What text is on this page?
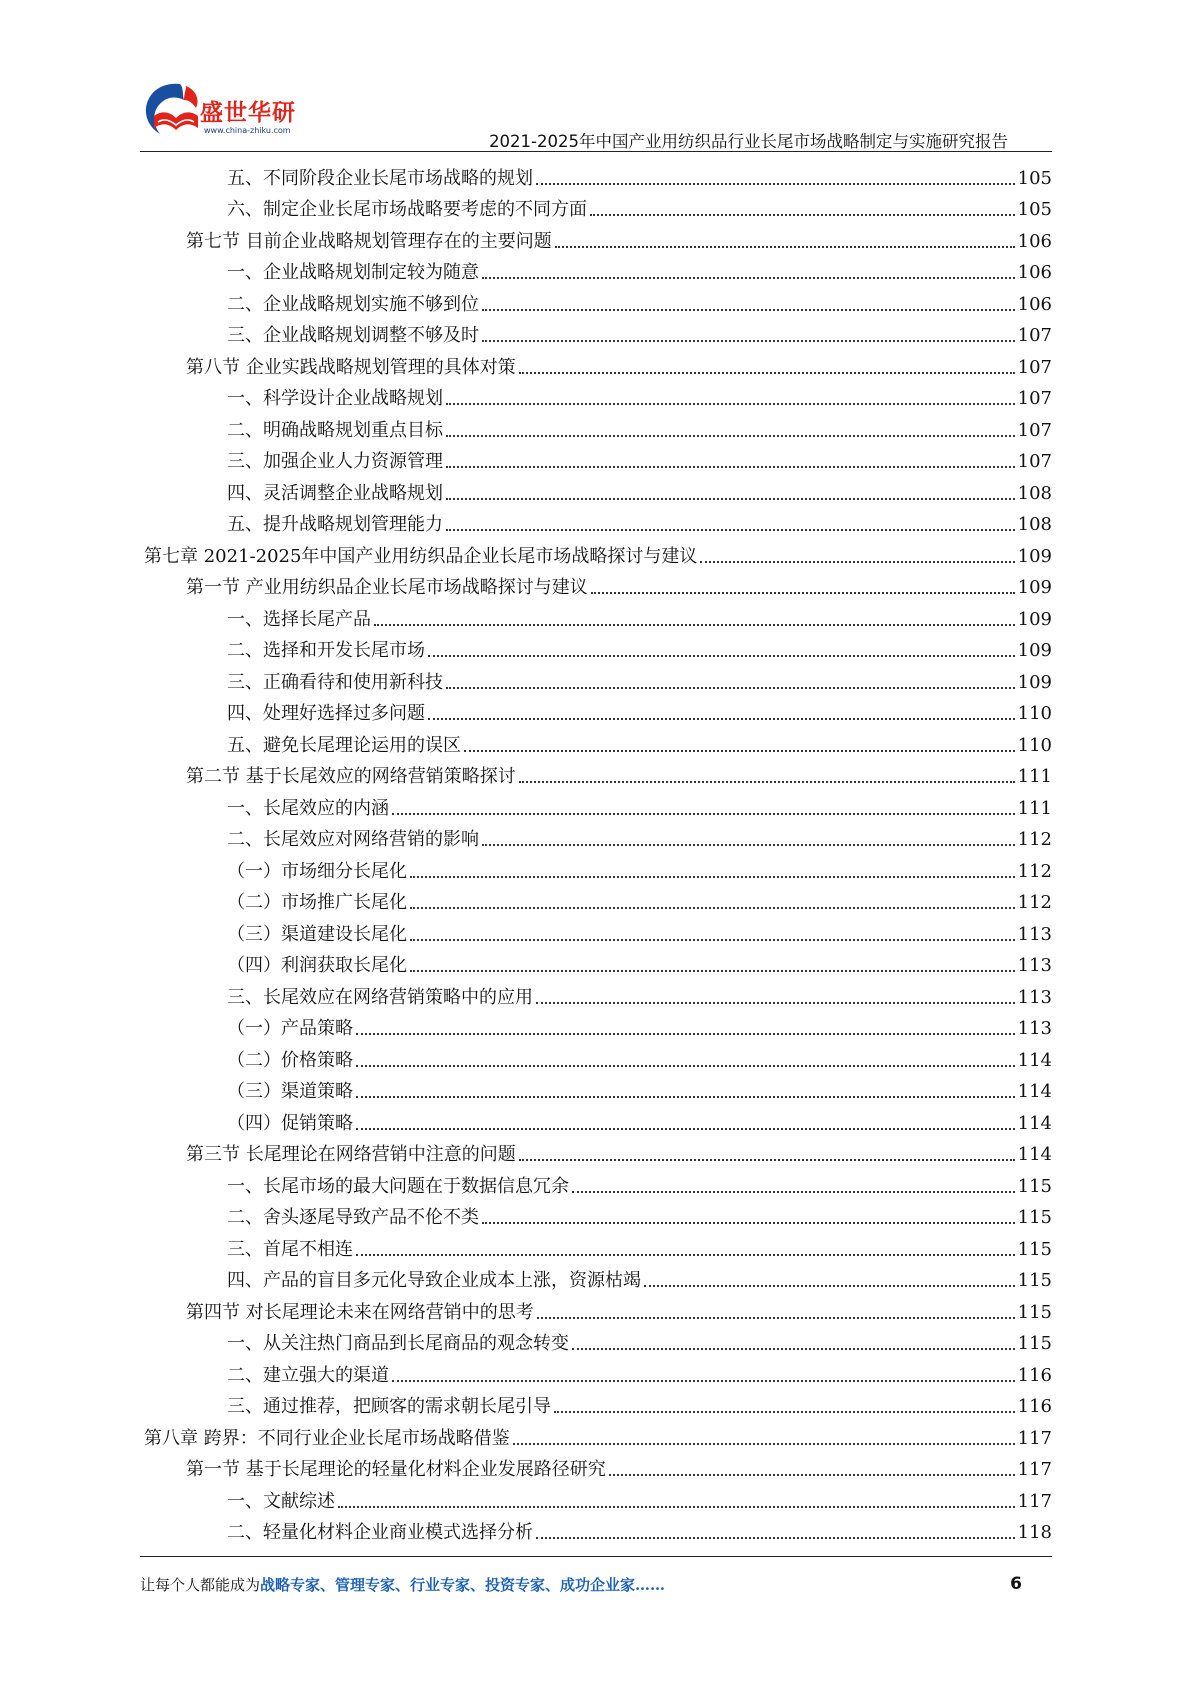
盛世华研
www.china-zhiku.com
2021-2025年中国产业用纺织品行业长尾市场战略制定与实施研究报告
五、不同阶段企业长尾市场战略的规划	105
六、制定企业长尾市场战略要考虑的不同方面	105
第七节 目前企业战略规划管理存在的主要问题	106
一、企业战略规划制定较为随意	106
二、企业战略规划实施不够到位	106
三、企业战略规划调整不够及时	107
第八节 企业实践战略规划管理的具体对策	107
一、科学设计企业战略规划	107
二、明确战略规划重点目标	107
三、加强企业人力资源管理	107
四、灵活调整企业战略规划	108
五、提升战略规划管理能力	108
第七章 2021-2025年中国产业用纺织品企业长尾市场战略探讨与建议	109
第一节 产业用纺织品企业长尾市场战略探讨与建议	109
一、选择长尾产品	109
二、选择和开发长尾市场	109
三、正确看待和使用新科技	109
四、处理好选择过多问题	110
五、避免长尾理论运用的误区	110
第二节 基于长尾效应的网络营销策略探讨	111
一、长尾效应的内涵	111
二、长尾效应对网络营销的影响	112
（一）市场细分长尾化	112
（二）市场推广长尾化	112
（三）渠道建设长尾化	113
（四）利润获取长尾化	113
三、长尾效应在网络营销策略中的应用	113
（一）产品策略	113
（二）价格策略	114
（三）渠道策略	114
（四）促销策略	114
第三节 长尾理论在网络营销中注意的问题	114
一、长尾市场的最大问题在于数据信息冗余	115
二、舍头逐尾导致产品不伦不类	115
三、首尾不相连	115
四、产品的盲目多元化导致企业成本上涨，资源枯竭	115
第四节 对长尾理论未来在网络营销中的思考	115
一、从关注热门商品到长尾商品的观念转变	115
二、建立强大的渠道	116
三、通过推荐，把顾客的需求朝长尾引导	116
第八章 跨界：不同行业企业长尾市场战略借鉴	117
第一节 基于长尾理论的轻量化材料企业发展路径研究	117
一、文献综述	117
二、轻量化材料企业商业模式选择分析	118
让每个人都能成为战略专家、管理专家、行业专家、投资专家、成功企业家……	6
